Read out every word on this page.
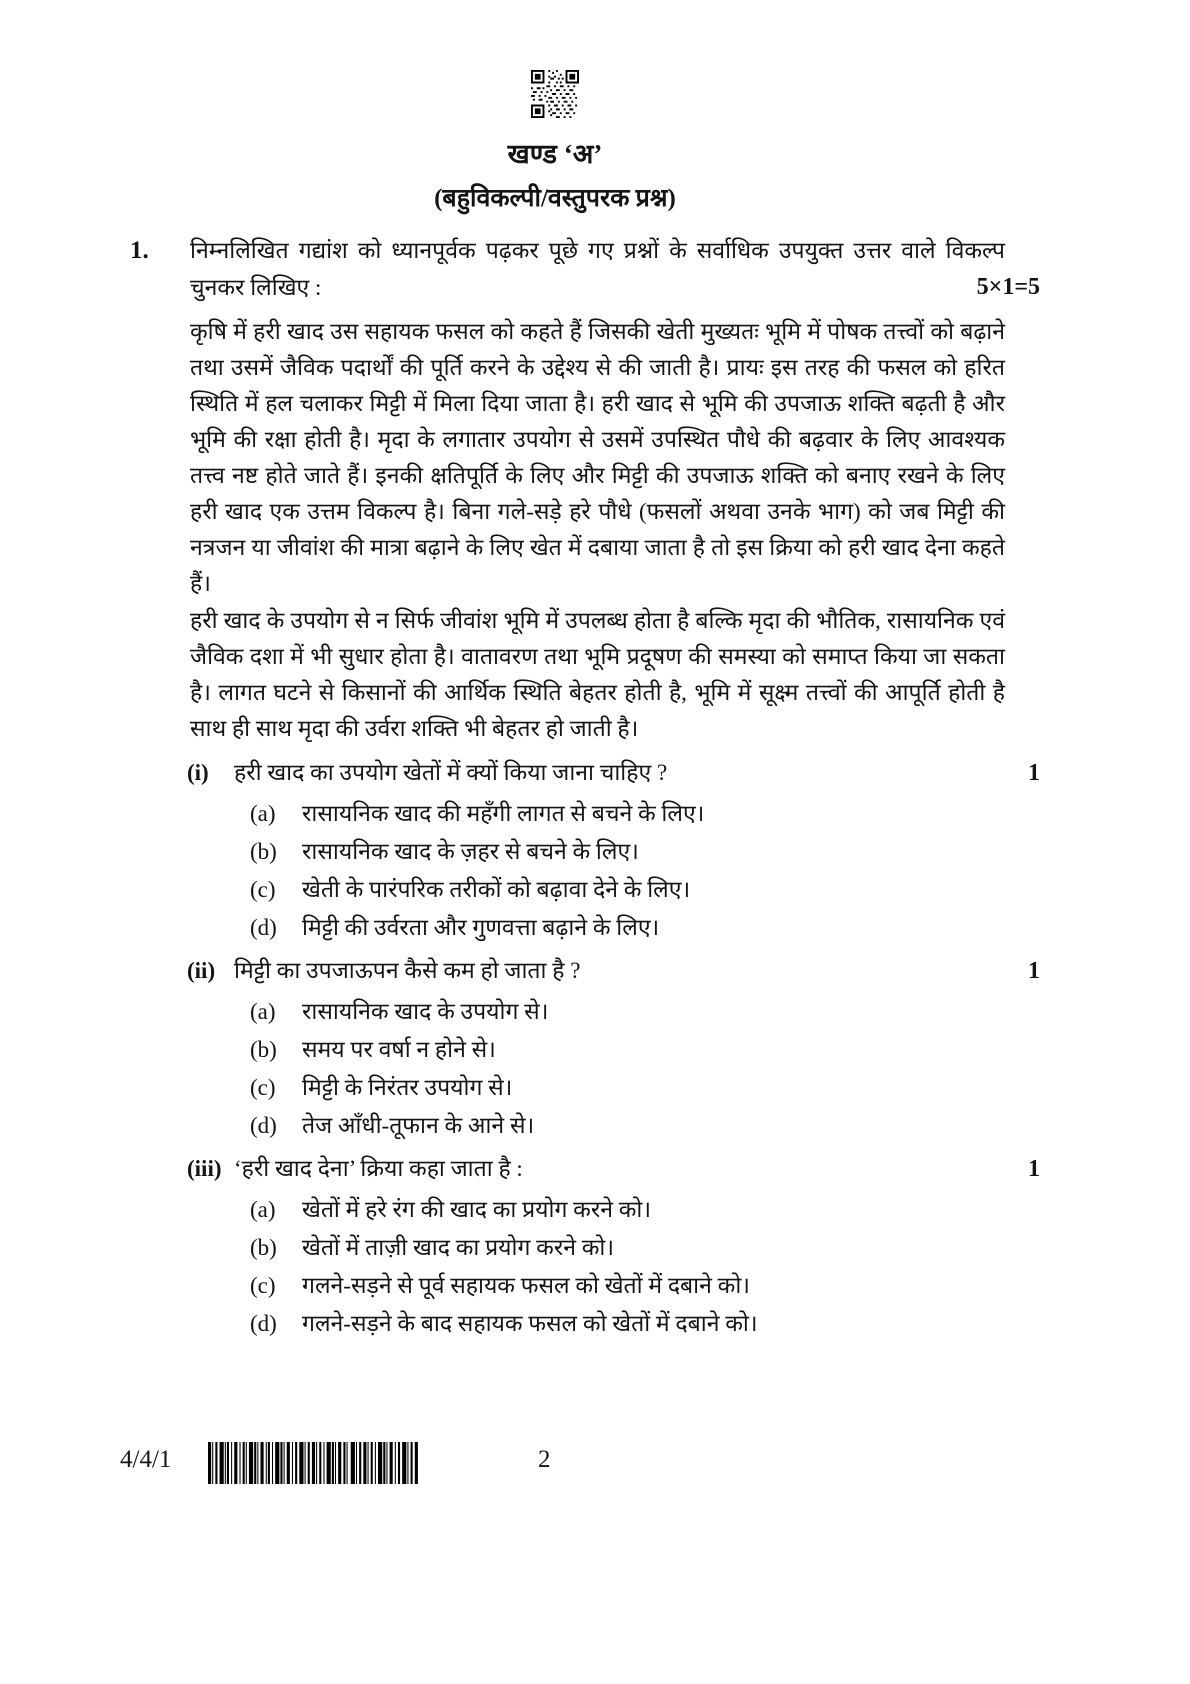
खण्ड ‘अ’
(बहुविकल्पी/वस्तुपरक प्रश्न)
1. निम्नलिखित गद्यांश को ध्यानपूर्वक पढ़कर पूछे गए प्रश्नों के सर्वाधिक उपयुक्त उत्तर वाले विकल्प चुनकर लिखिए :	5×1=5

कृषि में हरी खाद उस सहायक फसल को कहते हैं जिसकी खेती मुख्यतः भूमि में पोषक तत्त्वों को बढ़ाने तथा उसमें जैविक पदार्थों की पूर्ति करने के उद्देश्य से की जाती है। प्रायः इस तरह की फसल को हरित स्थिति में हल चलाकर मिट्टी में मिला दिया जाता है। हरी खाद से भूमि की उपजाऊ शक्ति बढ़ती है और भूमि की रक्षा होती है। मृदा के लगातार उपयोग से उसमें उपस्थित पौधे की बढ़वार के लिए आवश्यक तत्त्व नष्ट होते जाते हैं। इनकी क्षतिपूर्ति के लिए और मिट्टी की उपजाऊ शक्ति को बनाए रखने के लिए हरी खाद एक उत्तम विकल्प है। बिना गले-सड़े हरे पौधे (फसलों अथवा उनके भाग) को जब मिट्टी की नत्रजन या जीवांश की मात्रा बढ़ाने के लिए खेत में दबाया जाता है तो इस क्रिया को हरी खाद देना कहते हैं।

हरी खाद के उपयोग से न सिर्फ जीवांश भूमि में उपलब्ध होता है बल्कि मृदा की भौतिक, रासायनिक एवं जैविक दशा में भी सुधार होता है। वातावरण तथा भूमि प्रदूषण की समस्या को समाप्त किया जा सकता है। लागत घटने से किसानों की आर्थिक स्थिति बेहतर होती है, भूमि में सूक्ष्म तत्त्वों की आपूर्ति होती है साथ ही साथ मृदा की उर्वरा शक्ति भी बेहतर हो जाती है।

1
(i)	हरी खाद का उपयोग खेतों में क्यों किया जाना चाहिए ?
(a)	रासायनिक खाद की महँगी लागत से बचने के लिए।
(b)	रासायनिक खाद के ज़हर से बचने के लिए।
(c)	खेती के पारंपरिक तरीकों को बढ़ावा देने के लिए।
(d)	मिट्टी की उर्वरता और गुणवत्ता बढ़ाने के लिए।
1
(ii) मिट्टी का उपजाऊपन कैसे कम हो जाता है ?
(a)	रासायनिक खाद के उपयोग से।
(b)	समय पर वर्षा न होने से।
(c)	मिट्टी के निरंतर उपयोग से।
(d)	तेज आँधी-तूफान के आने से।
1
(iii) ‘हरी खाद देना’ क्रिया कहा जाता है :
(a)	खेतों में हरे रंग की खाद का प्रयोग करने को।
(b)	खेतों में ताज़ी खाद का प्रयोग करने को।
(c)	गलने-सड़ने से पूर्व सहायक फसल को खेतों में दबाने को।
(d)	गलने-सड़ने के बाद सहायक फसल को खेतों में दबाने को।
4/4/1	2
